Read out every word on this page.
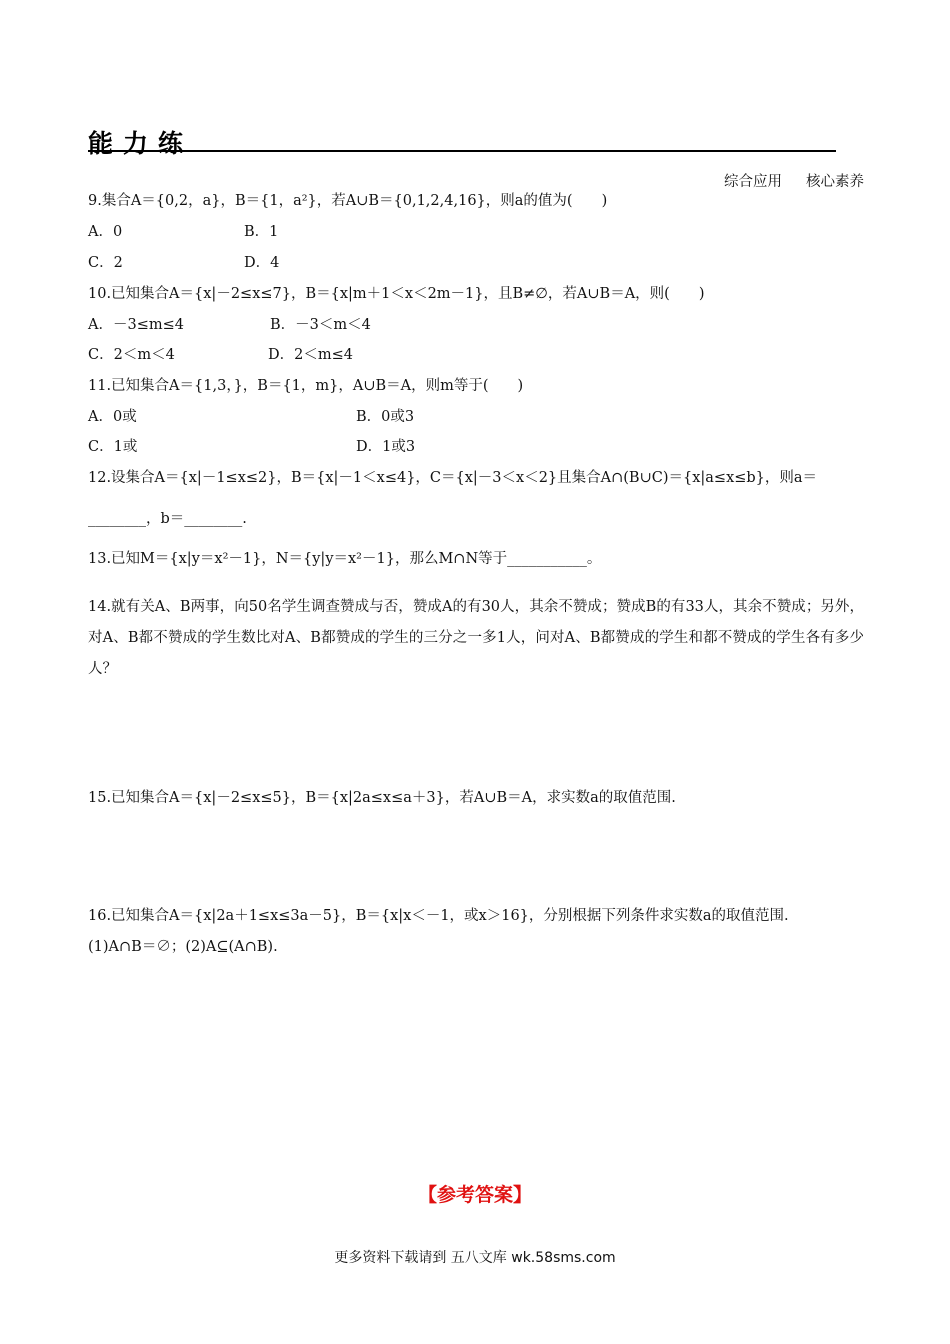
能力练
综合应用 核心素养
9.集合A＝{0,2，a}，B＝{1，a²}，若A∪B＝{0,1,2,4,16}，则a的值为(　　)
A．0	B．1
C．2	D．4
10.已知集合A＝{x|－2≤x≤7}，B＝{x|m＋1＜x＜2m－1}，且B≠∅，若A∪B＝A，则(　　)
A．－3≤m≤4	B．－3＜m＜4
C．2＜m＜4	D．2＜m≤4
11.已知集合A＝{1,3，}，B＝{1，m}，A∪B＝A，则m等于(　　)
A．0或	B．0或3
C．1或	D．1或3
12.设集合A＝{x|－1≤x≤2}，B＝{x|－1＜x≤4}，C＝{x|－3＜x＜2}且集合A∩(B∪C)＝{x|a≤x≤b}，则a＝
________，b＝________.
13.已知M＝{x|y＝x²－1}，N＝{y|y＝x²－1}，那么M∩N等于___________。
14.就有关A、B两事，向50名学生调查赞成与否，赞成A的有30人，其余不赞成；赞成B的有33人，其余不赞成；另外，对A、B都不赞成的学生数比对A、B都赞成的学生的三分之一多1人，问对A、B都赞成的学生和都不赞成的学生各有多少人？
15.已知集合A＝{x|－2≤x≤5}，B＝{x|2a≤x≤a＋3}，若A∪B＝A，求实数a的取值范围.
16.已知集合A＝{x|2a＋1≤x≤3a－5}，B＝{x|x＜－1，或x＞16}，分别根据下列条件求实数a的取值范围.
(1)A∩B＝∅；(2)A⊆(A∩B).
【参考答案】
更多资料下载请到 五八文库 wk.58sms.com
